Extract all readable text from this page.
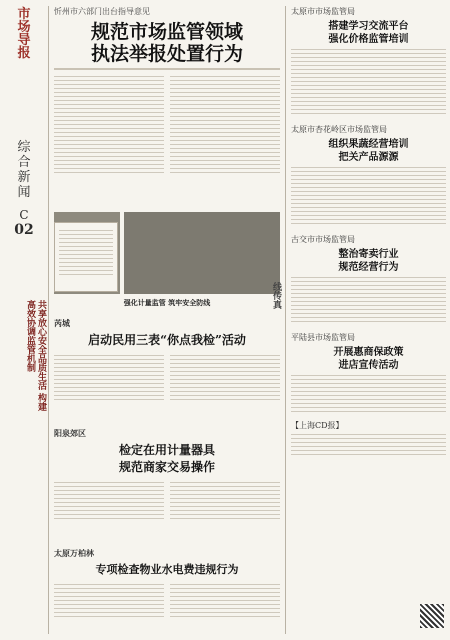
市场导报
综合新闻
C
02
共享放心安全品质生活 构建高效协调监管机制
忻州市六部门出台指导意见
规范市场监管领域
执法举报处置行为
强化计量监管 筑牢安全防线
芮城
启动民用三表“你点我检”活动
阳泉郊区
检定在用计量器具
规范商家交易操作
太原万柏林
专项检查物业水电费违规行为
太原市市场监管局
搭建学习交流平台
强化价格监管培训
太原市杏花岭区市场监管局
组织果蔬经营培训
把关产品源源
古交市市场监管局
整治寄卖行业
规范经营行为
平陆县市场监管局
开展惠商保政策
进店宣传活动
【上海CD报】
线传真
